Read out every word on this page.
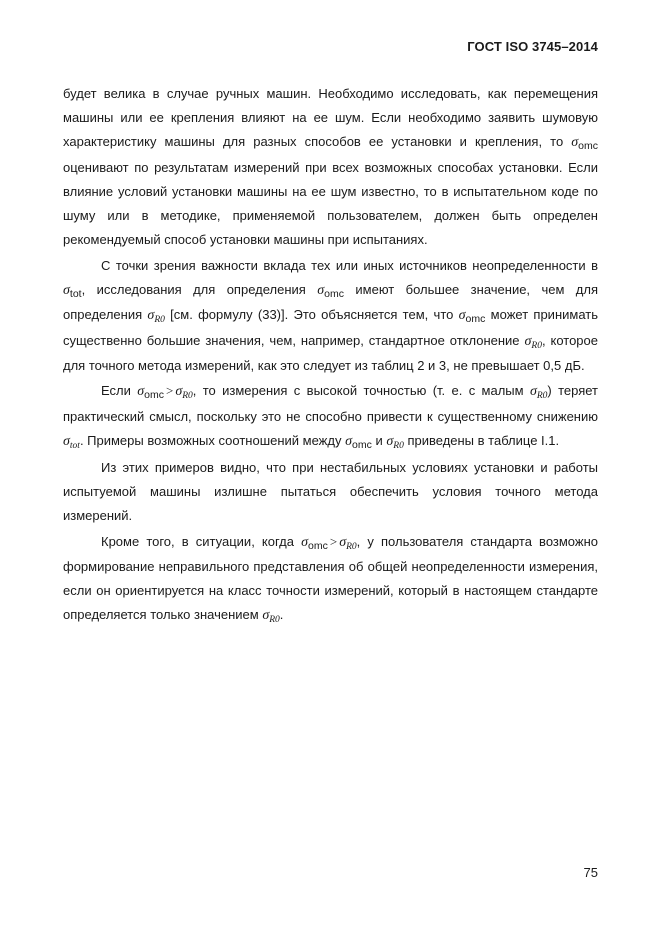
ГОСТ ISO 3745–2014

будет велика в случае ручных машин. Необходимо исследовать, как перемещения машины или ее крепления влияют на ее шум. Если необходимо заявить шумовую характеристику машины для разных способов ее установки и крепления, то $\sigma_{omc}$ оценивают по результатам измерений при всех возможных способах установки. Если влияние условий установки машины на ее шум известно, то в испытательном коде по шуму или в методике, применяемой пользователем, должен быть определен рекомендуемый способ установки машины при испытаниях.

С точки зрения важности вклада тех или иных источников неопределенности в $\sigma_{tot}$, исследования для определения $\sigma_{omc}$ имеют большее значение, чем для определения $\sigma_{R0}$ [см. формулу (33)]. Это объясняется тем, что $\sigma_{omc}$ может принимать существенно большие значения, чем, например, стандартное отклонение $\sigma_{R0}$, которое для точного метода измерений, как это следует из таблиц 2 и 3, не превышает 0,5 дБ.

Если $\sigma_{omc} > \sigma_{R0}$, то измерения с высокой точностью (т. е. с малым $\sigma_{R0}$) теряет практический смысл, поскольку это не способно привести к существенному снижению $\sigma_{tot}$. Примеры возможных соотношений между $\sigma_{omc}$ и $\sigma_{R0}$ приведены в таблице I.1.

Из этих примеров видно, что при нестабильных условиях установки и работы испытуемой машины излишне пытаться обеспечить условия точного метода измерений.

Кроме того, в ситуации, когда $\sigma_{omc} > \sigma_{R0}$, у пользователя стандарта возможно формирование неправильного представления об общей неопределенности измерения, если он ориентируется на класс точности измерений, который в настоящем стандарте определяется только значением $\sigma_{R0}$.

75
